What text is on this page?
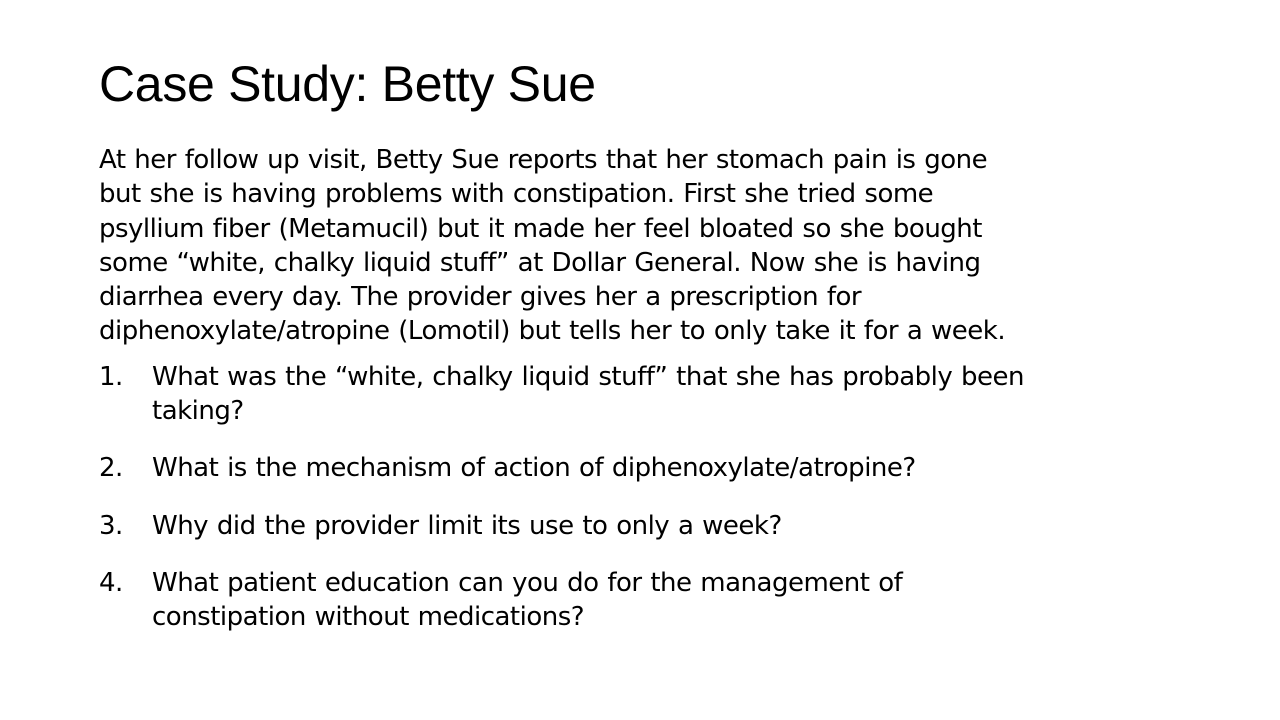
Case Study: Betty Sue

At her follow up visit, Betty Sue reports that her stomach pain is gone
but she is having problems with constipation. First she tried some
psyllium fiber (Metamucil) but it made her feel bloated so she bought
some “white, chalky liquid stuff” at Dollar General. Now she is having
diarrhea every day. The provider gives her a prescription for
diphenoxylate/atropine (Lomotil) but tells her to only take it for a week.

1.	What was the “white, chalky liquid stuff” that she has probably been
taking?
2.	What is the mechanism of action of diphenoxylate/atropine?
3.	Why did the provider limit its use to only a week?
4.	What patient education can you do for the management of
constipation without medications?
